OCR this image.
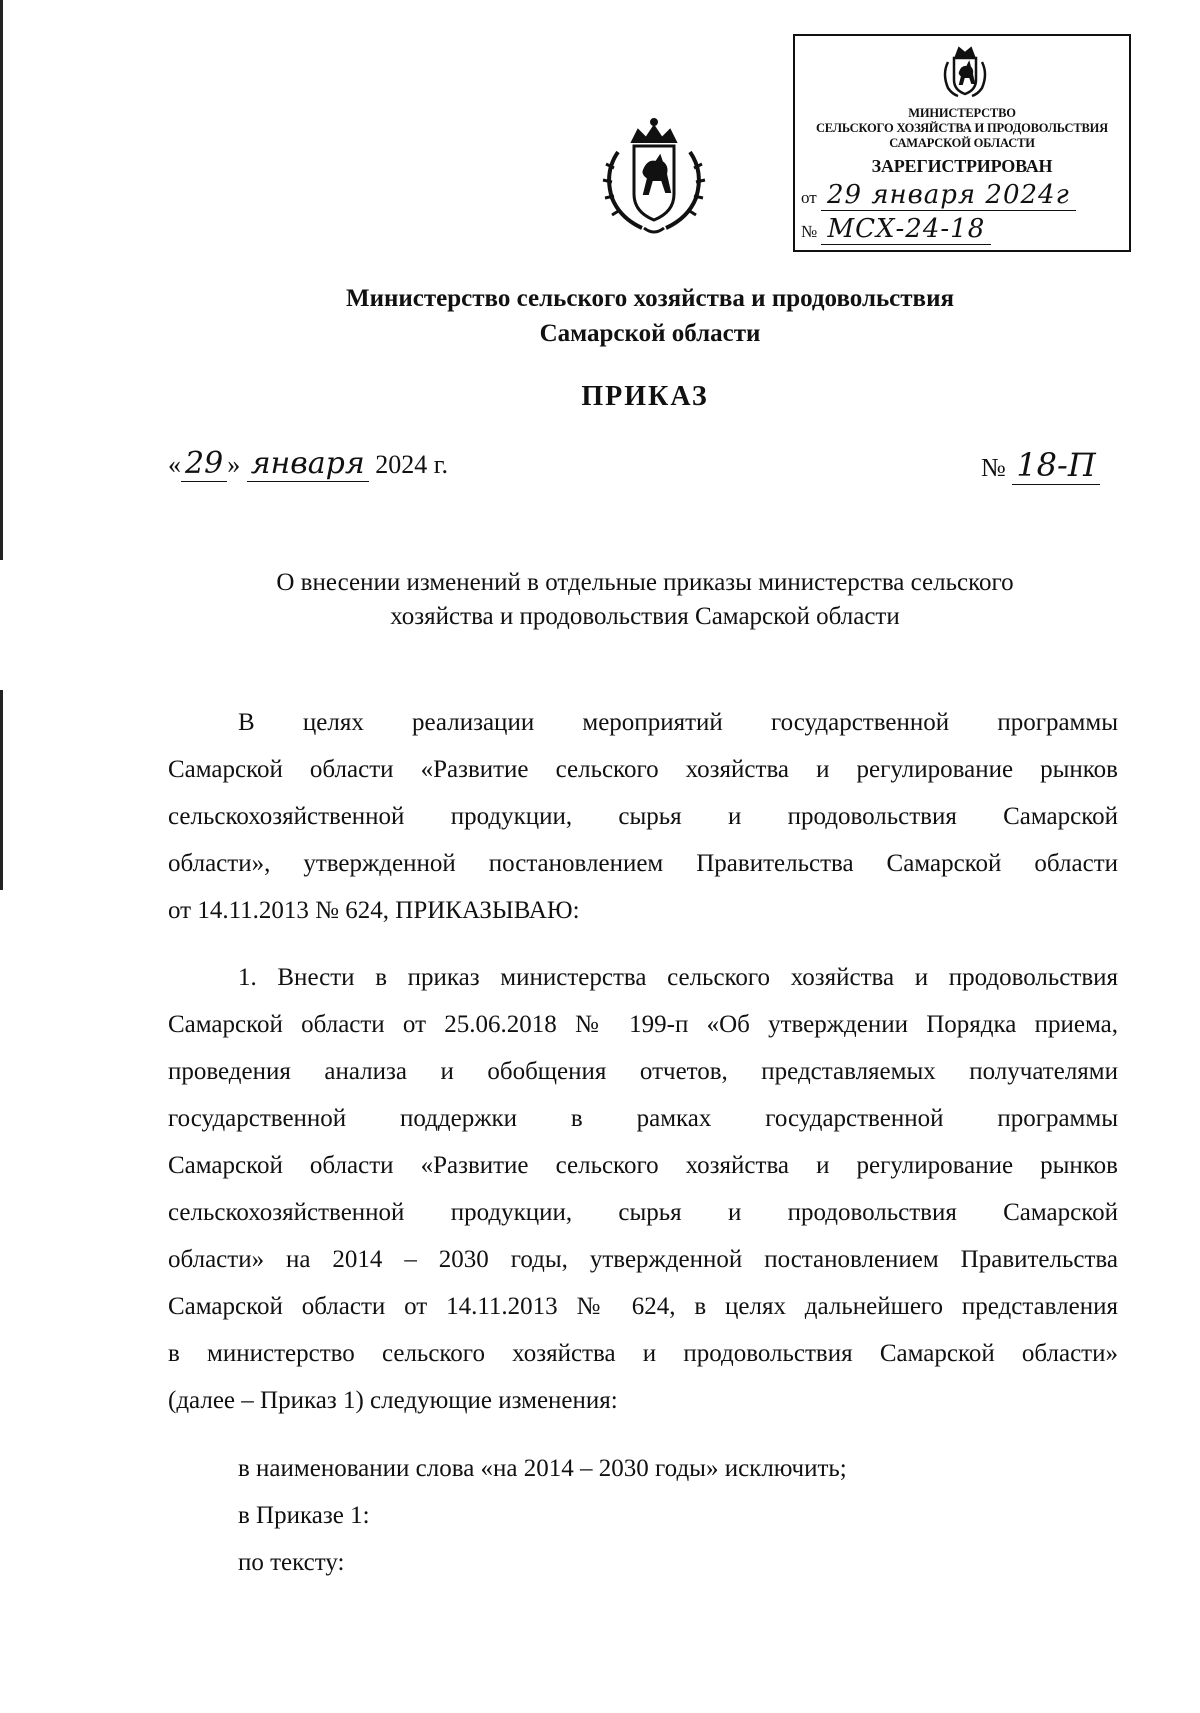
МИНИСТЕРСТВО
СЕЛЬСКОГО ХОЗЯЙСТВА И ПРОДОВОЛЬСТВИЯ
САМАРСКОЙ ОБЛАСТИ
ЗАРЕГИСТРИРОВАН
от 29 января 2024г
№ МСХ-24-18
Министерство сельского хозяйства и продовольствия
Самарской области
ПРИКАЗ
« 29 » января 2024 г.	№ 18-П
О внесении изменений в отдельные приказы министерства сельского
хозяйства и продовольствия Самарской области
В целях реализации мероприятий государственной программы
Самарской области «Развитие сельского хозяйства и регулирование рынков
сельскохозяйственной продукции, сырья и продовольствия Самарской
области», утвержденной постановлением Правительства Самарской области
от 14.11.2013 № 624, ПРИКАЗЫВАЮ:
1. Внести в приказ министерства сельского хозяйства и продовольствия
Самарской области от 25.06.2018 № 199-п «Об утверждении Порядка приема,
проведения анализа и обобщения отчетов, представляемых получателями
государственной поддержки в рамках государственной программы
Самарской области «Развитие сельского хозяйства и регулирование рынков
сельскохозяйственной продукции, сырья и продовольствия Самарской
области» на 2014 – 2030 годы, утвержденной постановлением Правительства
Самарской области от 14.11.2013 № 624, в целях дальнейшего представления
в министерство сельского хозяйства и продовольствия Самарской области»
(далее – Приказ 1) следующие изменения:
в наименовании слова «на 2014 – 2030 годы» исключить;
в Приказе 1:
по тексту:
